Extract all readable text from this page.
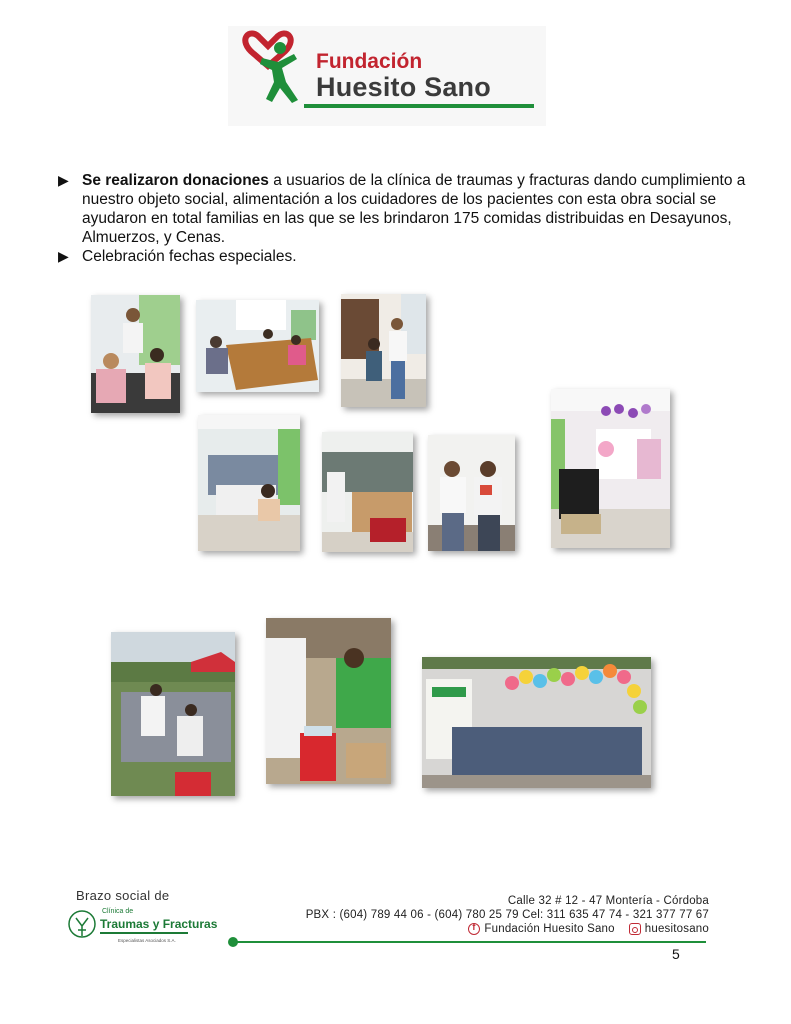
Fundación
Huesito Sano
▶ Se realizaron donaciones a usuarios de la clínica de traumas y fracturas dando cumplimiento a nuestro objeto social, alimentación a los cuidadores de los pacientes con esta obra social se ayudaron en total familias en las que se les brindaron 175 comidas distribuidas en Desayunos, Almuerzos, y Cenas.
▶ Celebración fechas especiales.
Brazo social de
Clínica de
Traumas y Fracturas
Especialistas Asociados S.A.
Calle 32 # 12 - 47 Montería - Córdoba
PBX : (604) 789 44 06 - (604) 780 25 79 Cel: 311 635 47 74 - 321 377 77 67
f Fundación Huesito Sano	huesitosano
5
